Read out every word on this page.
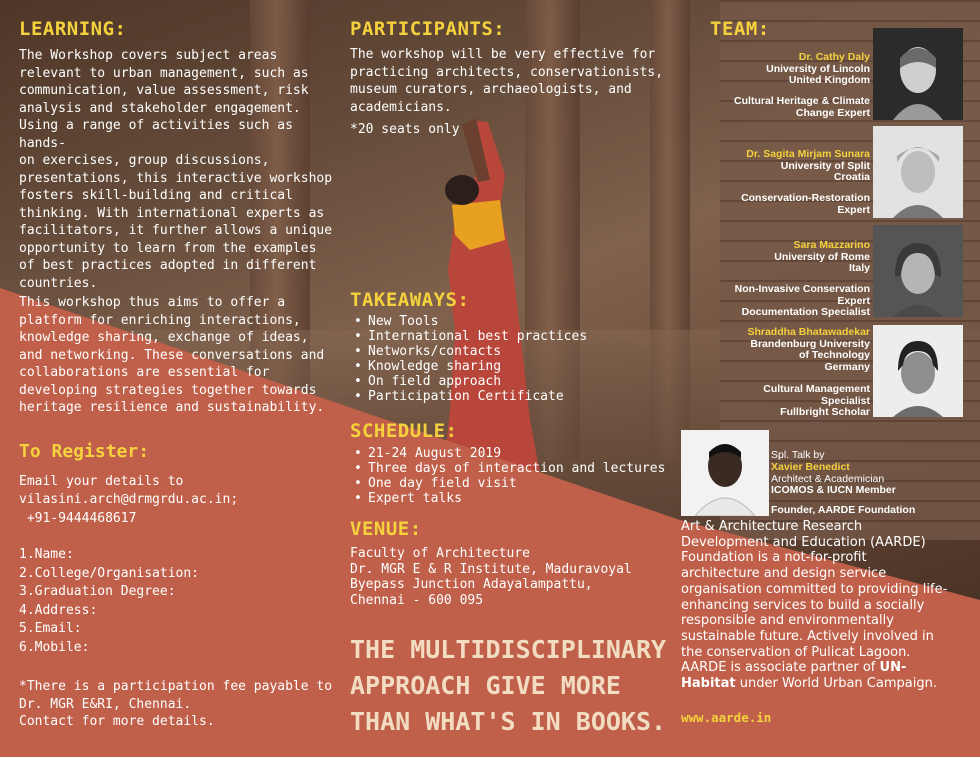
LEARNING:
The Workshop covers subject areas
relevant to urban management, such as
communication, value assessment, risk
analysis and stakeholder engagement.
Using a range of activities such as hands-
on exercises, group discussions,
presentations, this interactive workshop
fosters skill-building and critical
thinking. With international experts as
facilitators, it further allows a unique
opportunity to learn from the examples
of best practices adopted in different
countries.
This workshop thus aims to offer a
platform for enriching interactions,
knowledge sharing, exchange of ideas,
and networking. These conversations and
collaborations are essential for
developing strategies together towards
heritage resilience and sustainability.
To Register:
Email your details to
vilasini.arch@drmgrdu.ac.in;
+91-9444468617
1.Name:
2.College/Organisation:
3.Graduation Degree:
4.Address:
5.Email:
6.Mobile:
*There is a participation fee payable to
Dr. MGR E&RI, Chennai.
Contact for more details.
PARTICIPANTS:
The workshop will be very effective for
practicing architects, conservationists,
museum curators, archaeologists, and
academicians.
*20 seats only
TAKEAWAYS:
• New Tools
• International best practices
• Networks/contacts
• Knowledge sharing
• On field approach
• Participation Certificate
SCHEDULE:
• 21-24 August 2019
• Three days of interaction and lectures
• One day field visit
• Expert talks
VENUE:
Faculty of Architecture
Dr. MGR E & R Institute, Maduravoyal
Byepass Junction Adayalampattu,
Chennai - 600 095
THE MULTIDISCIPLINARY
APPROACH GIVE MORE
THAN WHAT'S IN BOOKS.
TEAM:
Dr. Cathy Daly
University of Lincoln
United Kingdom
Cultural Heritage & Climate
Change Expert
Dr. Sagita Mirjam Sunara
University of Split
Croatia
Conservation-Restoration
Expert
Sara Mazzarino
University of Rome
Italy
Non-Invasive Conservation
Expert
Documentation Specialist
Shraddha Bhatawadekar
Brandenburg University
of Technology
Germany
Cultural Management
Specialist
Fullbright Scholar
Spl. Talk by
Xavier Benedict
Architect & Academician
ICOMOS & IUCN Member
Founder, AARDE Foundation
Art & Architecture Research
Development and Education (AARDE)
Foundation is a not-for-profit
architecture and design service
organisation committed to providing life-
enhancing services to build a socially
responsible and environmentally
sustainable future. Actively involved in
the conservation of Pulicat Lagoon.
AARDE is associate partner of UN-
Habitat under World Urban Campaign.
www.aarde.in
